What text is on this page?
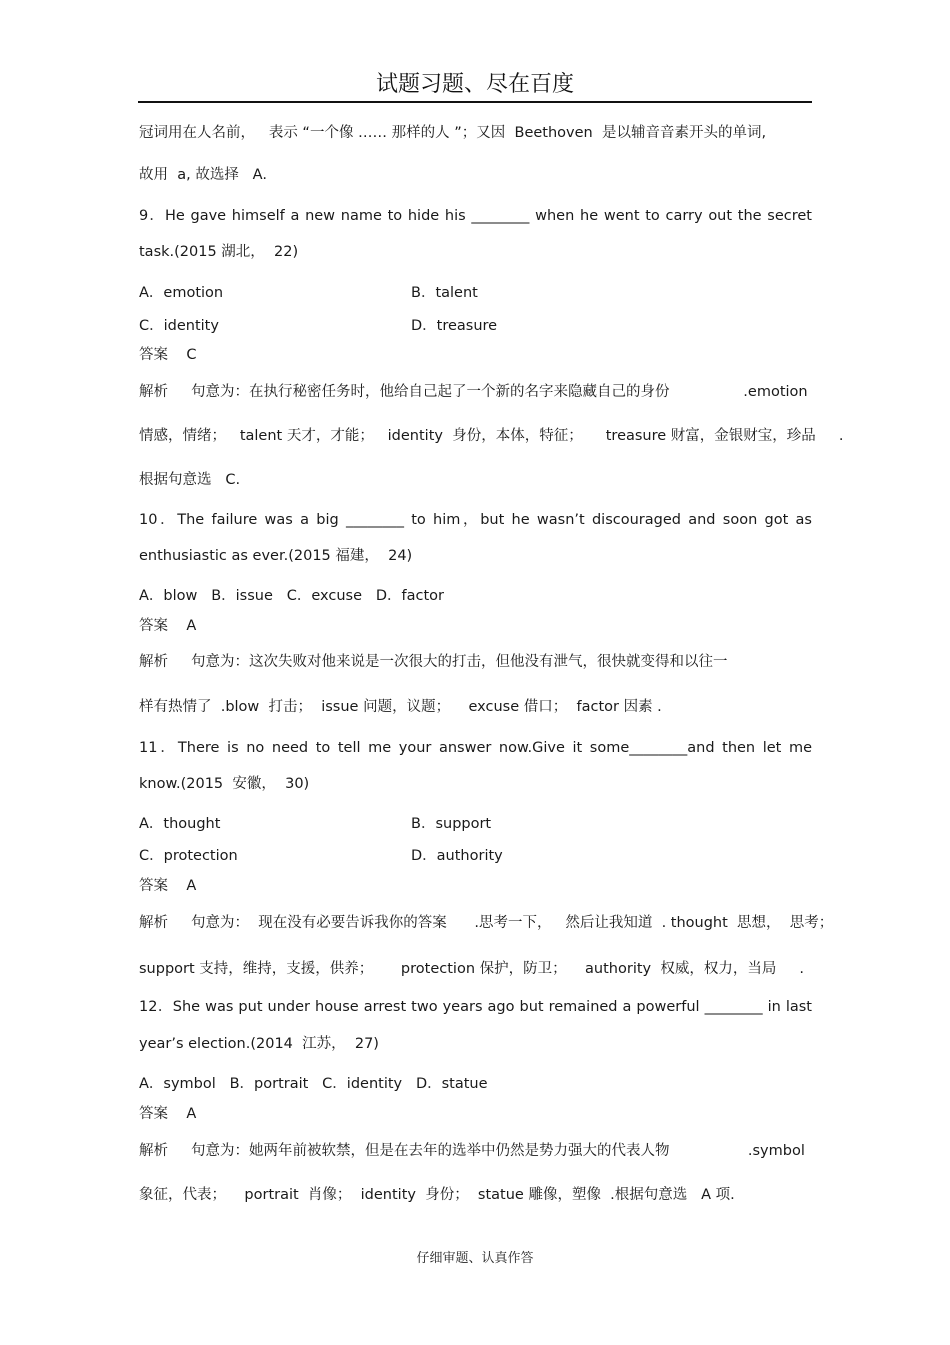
试题习题、尽在百度
冠词用在人名前，   表示 “一个像 …… 那样的人 ”；又因  Beethoven  是以辅音音素开头的单词,
故用  a, 故选择   A.
9．He gave himself a new name to hide his ________ when he went to carry out the secret
task.(2015 湖北，  22)
A．emotion	B．talent
C．identity	D．treasure
答案    C
解析     句意为：在执行秘密任务时，他给自己起了一个新的名字来隐藏自己的身份                .emotion
情感，情绪；   talent 天才，才能；   identity  身份，本体，特征；     treasure 财富，金银财宝，珍品     .
根据句意选   C.
10．The failure was a big ________ to him，but he wasn’t discouraged and soon got as
enthusiastic as ever.(2015 福建，  24)
A．blow   B．issue   C．excuse   D．factor
答案    A
解析     句意为：这次失败对他来说是一次很大的打击，但他没有泄气，很快就变得和以往一
样有热情了  .blow  打击；  issue 问题，议题；    excuse 借口；  factor 因素 .
11．There is no need to tell me your answer now.Give it some________and then let me
know.(2015  安徽，  30)
A．thought	B．support
C．protection	D．authority
答案    A
解析     句意为：  现在没有必要告诉我你的答案      .思考一下，   然后让我知道  . thought  思想，  思考；
support 支持，维持，支援，供养；      protection 保护，防卫；    authority  权威，权力，当局     .
12．She was put under house arrest two years ago but remained a powerful ________ in last
year’s election.(2014  江苏，  27)
A．symbol   B．portrait   C．identity   D．statue
答案    A
解析     句意为：她两年前被软禁，但是在去年的选举中仍然是势力强大的代表人物                 .symbol
象征，代表；    portrait  肖像；  identity  身份；  statue 雕像，塑像  .根据句意选   A 项.
仔细审题、认真作答
